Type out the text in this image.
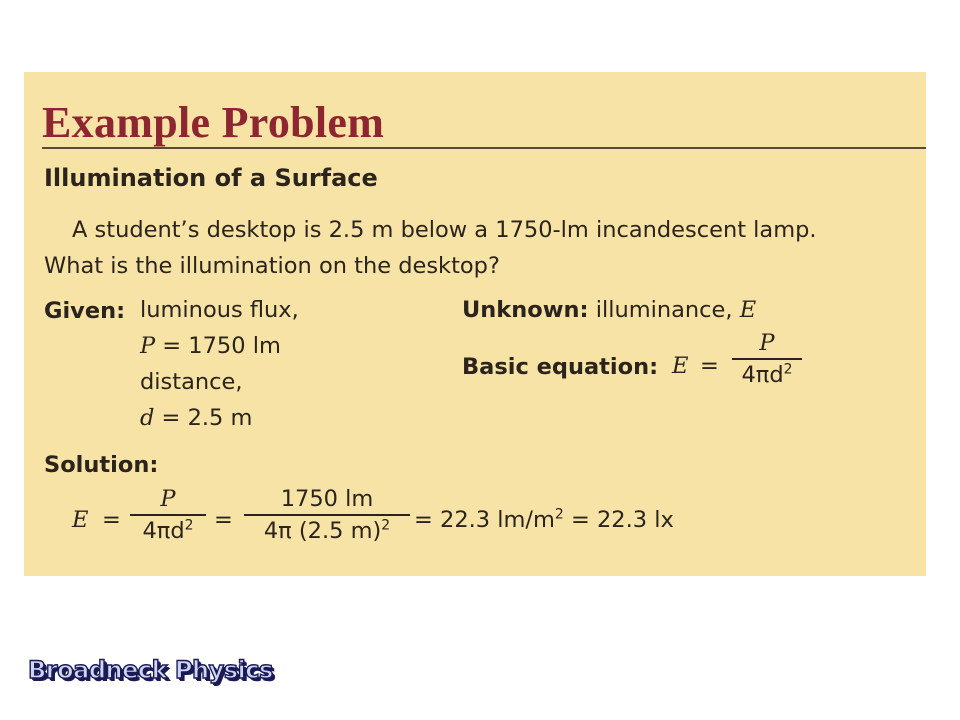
Example Problem
Illumination of a Surface
A student’s desktop is 2.5 m below a 1750-lm incandescent lamp.
What is the illumination on the desktop?
Given: luminous flux,
P = 1750 lm
distance,
d = 2.5 m
Unknown: illuminance, E
Basic equation: E =
P
$4\pi d^2$
Solution:
E =
P
$4\pi d^2$ =
1750 lm
4π (2.5 m)$^2$ = 22.3 $lm/m^2 = 22.3$ lx
Broadneck Physics
